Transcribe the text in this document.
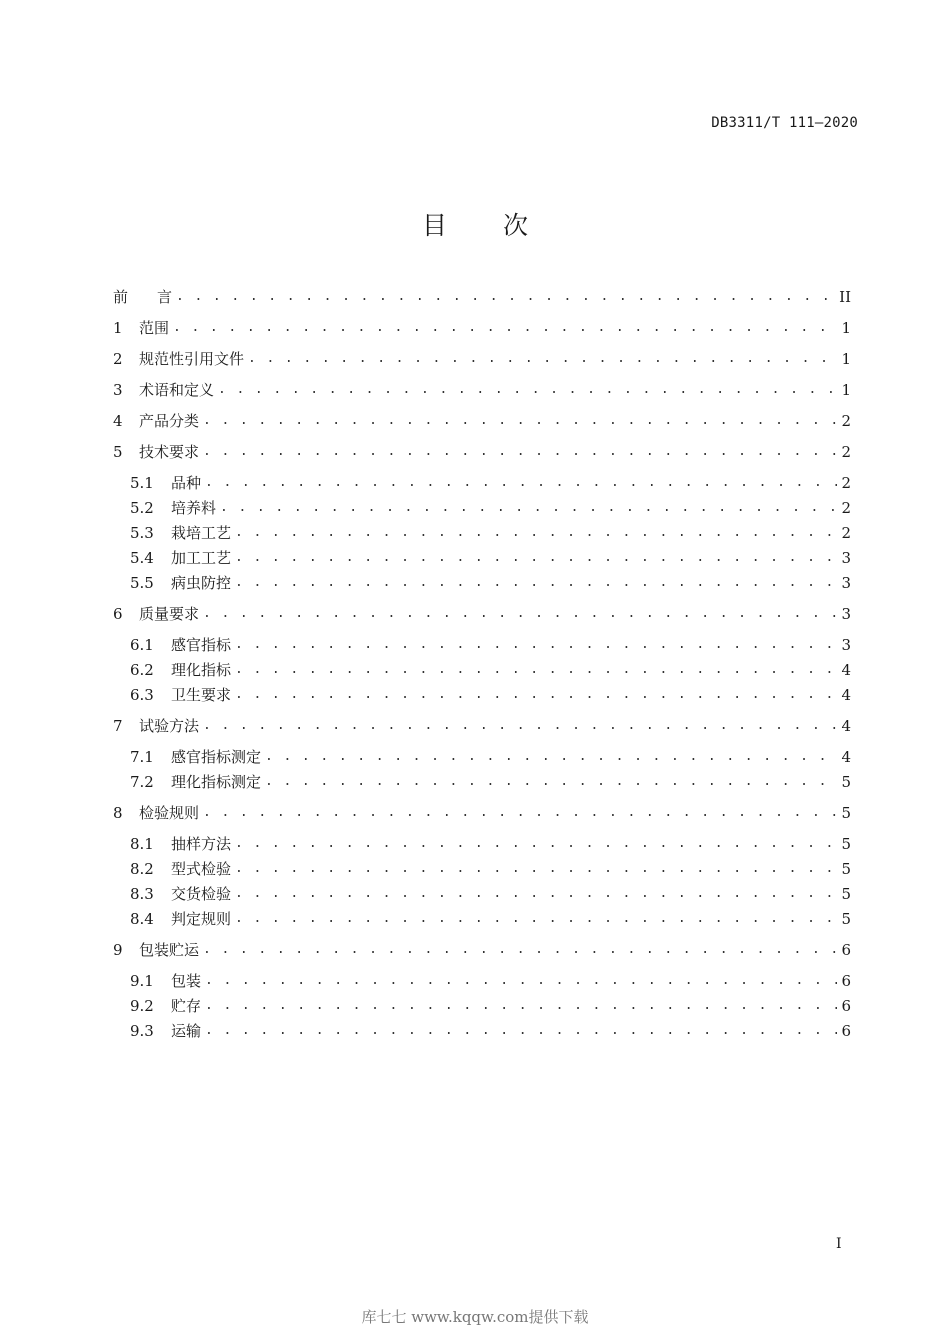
DB3311/T 111—2020
目 次
前 言 . . .	II
1	范围 . . .	1
2	规范性引用文件 . . .	1
3	术语和定义 . . .	1
4	产品分类 . . .	2
5	技术要求 . . .	2
5.1 品种 . . .	2
5.2 培养料 . . .	2
5.3 栽培工艺 . . .	2
5.4 加工工艺 . . .	3
5.5 病虫防控 . . .	3
6	质量要求 . . .	3
6.1 感官指标 . . .	3
6.2 理化指标 . . .	4
6.3 卫生要求 . . .	4
7	试验方法 . . .	4
7.1 感官指标测定 . . .	4
7.2 理化指标测定 . . .	5
8	检验规则 . . .	5
8.1 抽样方法 . . .	5
8.2 型式检验 . . .	5
8.3 交货检验 . . .	5
8.4 判定规则 . . .	5
9	包装贮运 . . .	6
9.1 包装 . . .	6
9.2 贮存 . . .	6
9.3 运输 . . .	6
I
库七七 www.kqqw.com提供下载
